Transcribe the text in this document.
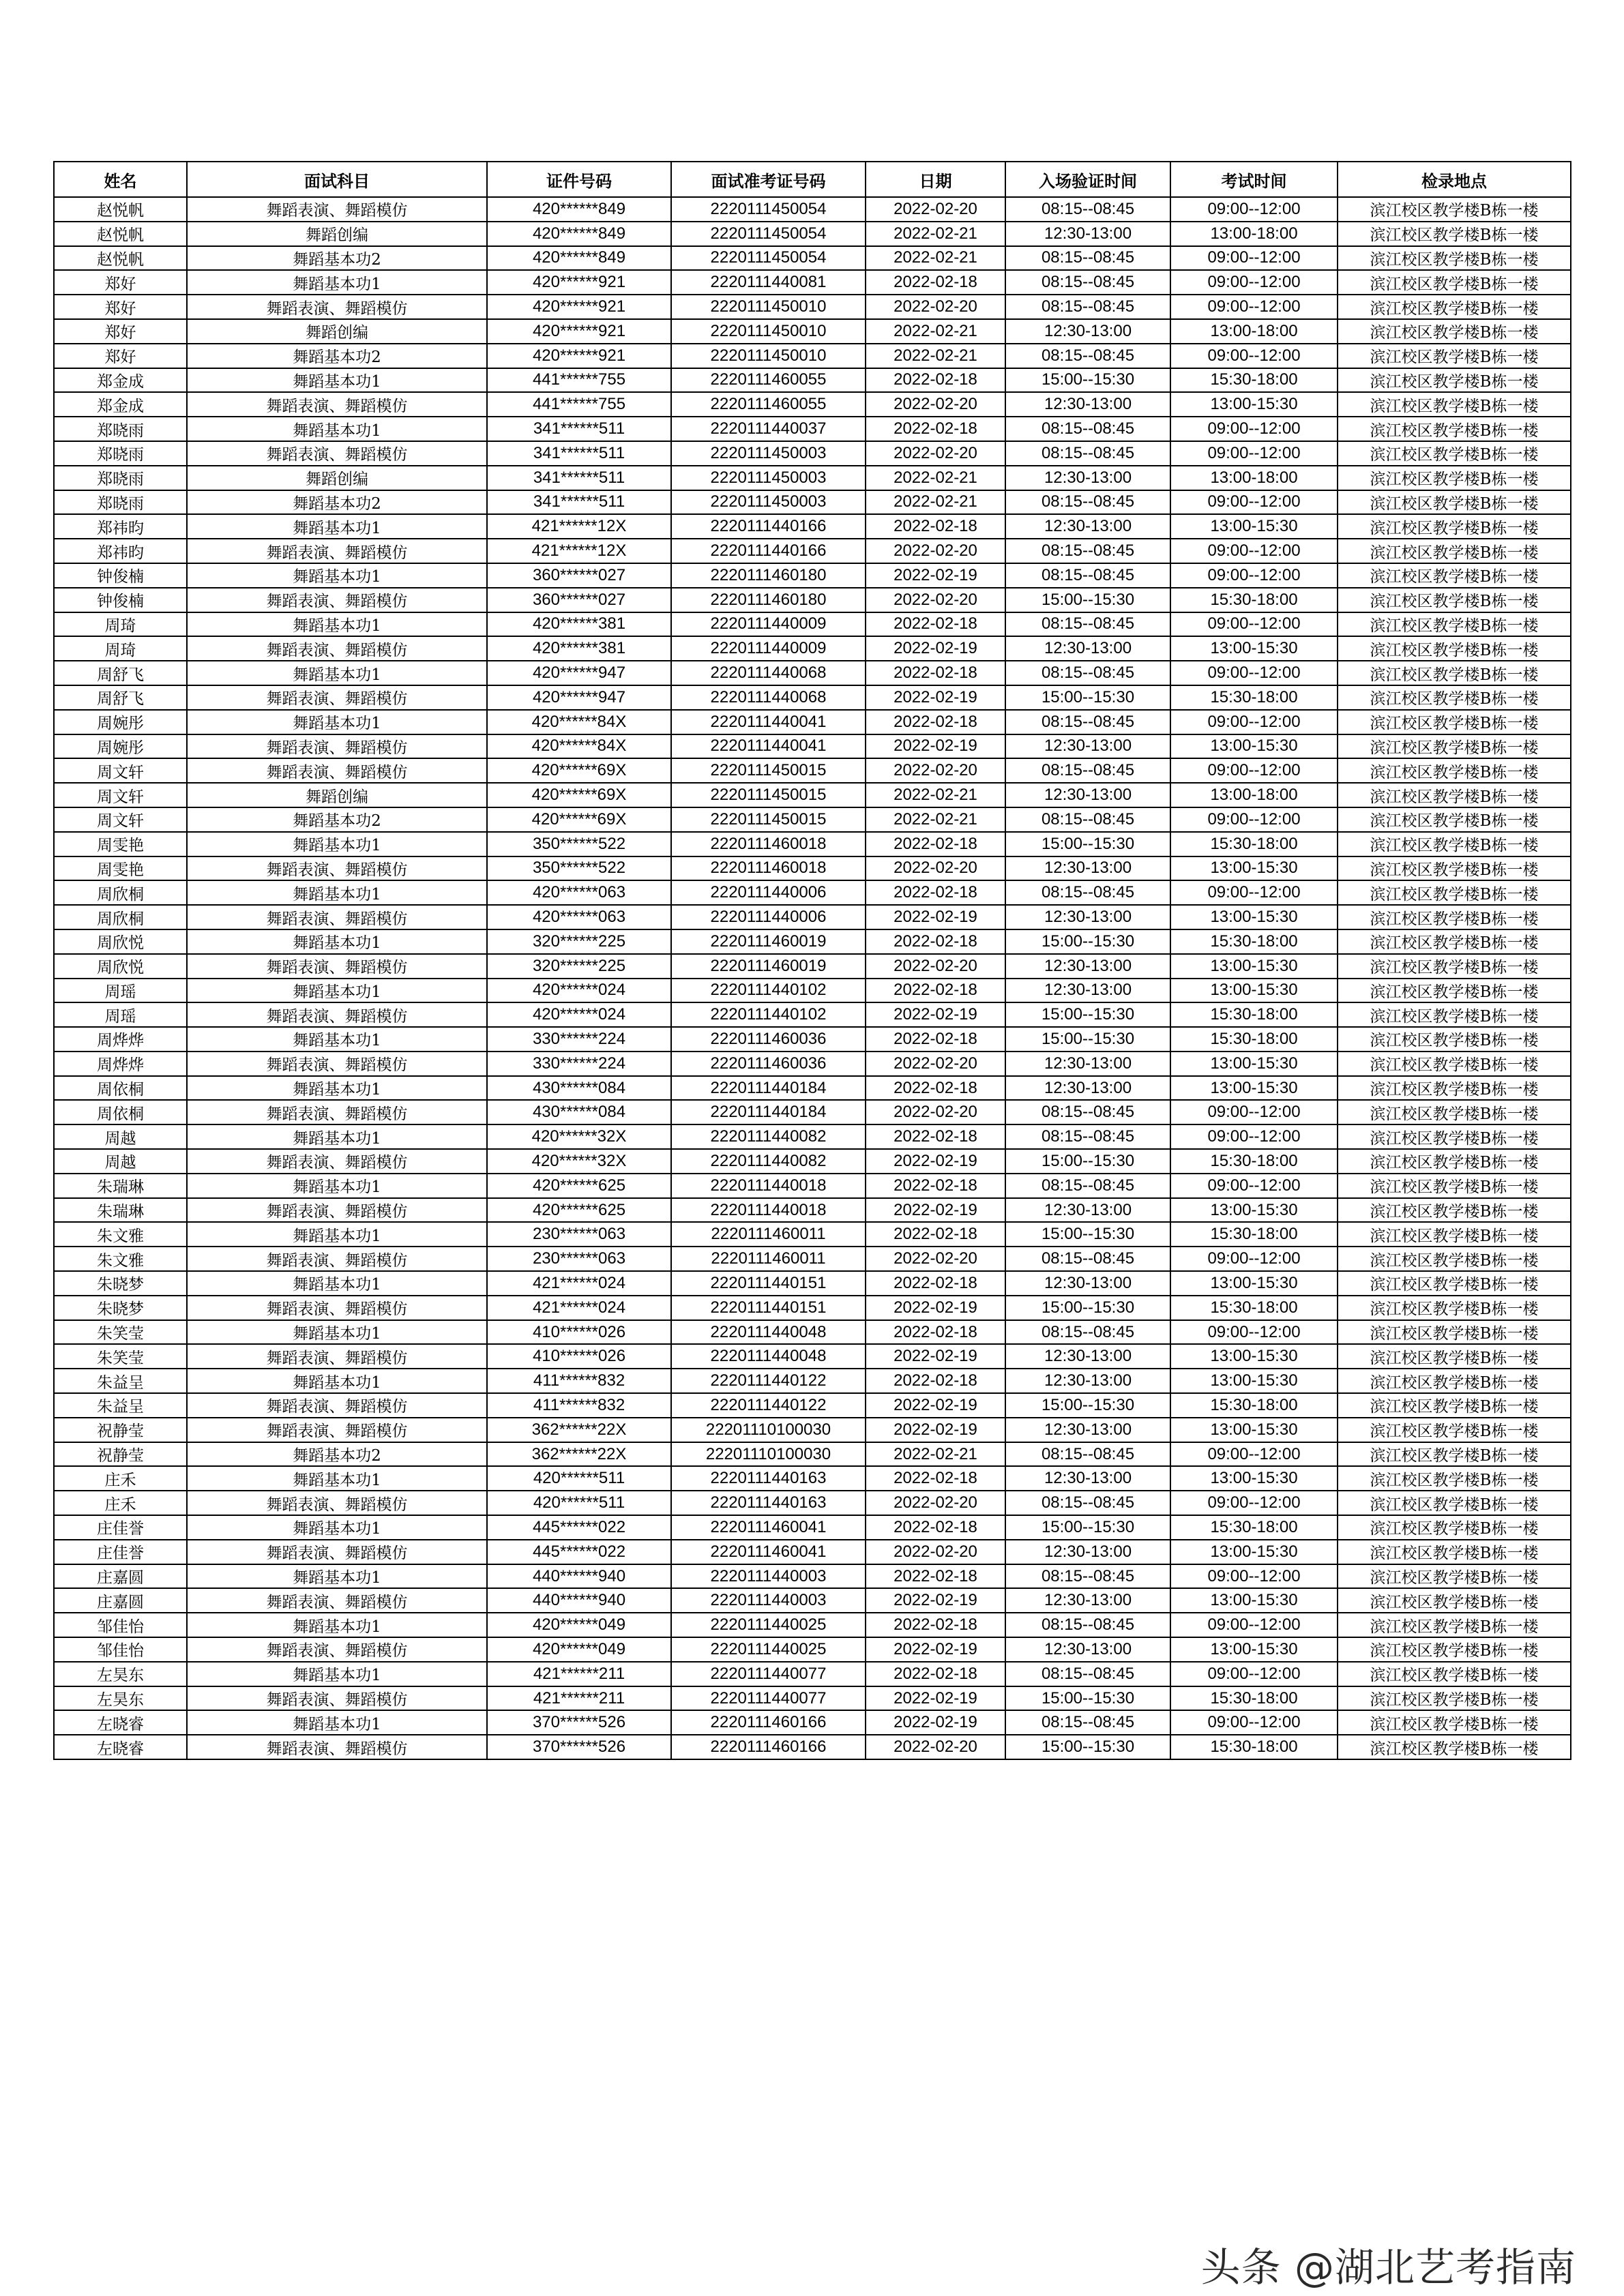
姓名	面试科目	证件号码	面试准考证号码	日期	入场验证时间	考试时间	检录地点
赵悦帆	舞蹈表演、舞蹈模仿	420******849	2220111450054	2022-02-20	08:15--08:45	09:00--12:00	滨江校区教学楼B栋一楼
赵悦帆	舞蹈创编	420******849	2220111450054	2022-02-21	12:30-13:00	13:00-18:00	滨江校区教学楼B栋一楼
赵悦帆	舞蹈基本功2	420******849	2220111450054	2022-02-21	08:15--08:45	09:00--12:00	滨江校区教学楼B栋一楼
郑好	舞蹈基本功1	420******921	2220111440081	2022-02-18	08:15--08:45	09:00--12:00	滨江校区教学楼B栋一楼
郑好	舞蹈表演、舞蹈模仿	420******921	2220111450010	2022-02-20	08:15--08:45	09:00--12:00	滨江校区教学楼B栋一楼
郑好	舞蹈创编	420******921	2220111450010	2022-02-21	12:30-13:00	13:00-18:00	滨江校区教学楼B栋一楼
郑好	舞蹈基本功2	420******921	2220111450010	2022-02-21	08:15--08:45	09:00--12:00	滨江校区教学楼B栋一楼
郑金成	舞蹈基本功1	441******755	2220111460055	2022-02-18	15:00--15:30	15:30-18:00	滨江校区教学楼B栋一楼
郑金成	舞蹈表演、舞蹈模仿	441******755	2220111460055	2022-02-20	12:30-13:00	13:00-15:30	滨江校区教学楼B栋一楼
郑晓雨	舞蹈基本功1	341******511	2220111440037	2022-02-18	08:15--08:45	09:00--12:00	滨江校区教学楼B栋一楼
郑晓雨	舞蹈表演、舞蹈模仿	341******511	2220111450003	2022-02-20	08:15--08:45	09:00--12:00	滨江校区教学楼B栋一楼
郑晓雨	舞蹈创编	341******511	2220111450003	2022-02-21	12:30-13:00	13:00-18:00	滨江校区教学楼B栋一楼
郑晓雨	舞蹈基本功2	341******511	2220111450003	2022-02-21	08:15--08:45	09:00--12:00	滨江校区教学楼B栋一楼
郑祎昀	舞蹈基本功1	421******12X	2220111440166	2022-02-18	12:30-13:00	13:00-15:30	滨江校区教学楼B栋一楼
郑祎昀	舞蹈表演、舞蹈模仿	421******12X	2220111440166	2022-02-20	08:15--08:45	09:00--12:00	滨江校区教学楼B栋一楼
钟俊楠	舞蹈基本功1	360******027	2220111460180	2022-02-19	08:15--08:45	09:00--12:00	滨江校区教学楼B栋一楼
钟俊楠	舞蹈表演、舞蹈模仿	360******027	2220111460180	2022-02-20	15:00--15:30	15:30-18:00	滨江校区教学楼B栋一楼
周琦	舞蹈基本功1	420******381	2220111440009	2022-02-18	08:15--08:45	09:00--12:00	滨江校区教学楼B栋一楼
周琦	舞蹈表演、舞蹈模仿	420******381	2220111440009	2022-02-19	12:30-13:00	13:00-15:30	滨江校区教学楼B栋一楼
周舒飞	舞蹈基本功1	420******947	2220111440068	2022-02-18	08:15--08:45	09:00--12:00	滨江校区教学楼B栋一楼
周舒飞	舞蹈表演、舞蹈模仿	420******947	2220111440068	2022-02-19	15:00--15:30	15:30-18:00	滨江校区教学楼B栋一楼
周婉彤	舞蹈基本功1	420******84X	2220111440041	2022-02-18	08:15--08:45	09:00--12:00	滨江校区教学楼B栋一楼
周婉彤	舞蹈表演、舞蹈模仿	420******84X	2220111440041	2022-02-19	12:30-13:00	13:00-15:30	滨江校区教学楼B栋一楼
周文轩	舞蹈表演、舞蹈模仿	420******69X	2220111450015	2022-02-20	08:15--08:45	09:00--12:00	滨江校区教学楼B栋一楼
周文轩	舞蹈创编	420******69X	2220111450015	2022-02-21	12:30-13:00	13:00-18:00	滨江校区教学楼B栋一楼
周文轩	舞蹈基本功2	420******69X	2220111450015	2022-02-21	08:15--08:45	09:00--12:00	滨江校区教学楼B栋一楼
周雯艳	舞蹈基本功1	350******522	2220111460018	2022-02-18	15:00--15:30	15:30-18:00	滨江校区教学楼B栋一楼
周雯艳	舞蹈表演、舞蹈模仿	350******522	2220111460018	2022-02-20	12:30-13:00	13:00-15:30	滨江校区教学楼B栋一楼
周欣桐	舞蹈基本功1	420******063	2220111440006	2022-02-18	08:15--08:45	09:00--12:00	滨江校区教学楼B栋一楼
周欣桐	舞蹈表演、舞蹈模仿	420******063	2220111440006	2022-02-19	12:30-13:00	13:00-15:30	滨江校区教学楼B栋一楼
周欣悦	舞蹈基本功1	320******225	2220111460019	2022-02-18	15:00--15:30	15:30-18:00	滨江校区教学楼B栋一楼
周欣悦	舞蹈表演、舞蹈模仿	320******225	2220111460019	2022-02-20	12:30-13:00	13:00-15:30	滨江校区教学楼B栋一楼
周瑶	舞蹈基本功1	420******024	2220111440102	2022-02-18	12:30-13:00	13:00-15:30	滨江校区教学楼B栋一楼
周瑶	舞蹈表演、舞蹈模仿	420******024	2220111440102	2022-02-19	15:00--15:30	15:30-18:00	滨江校区教学楼B栋一楼
周烨烨	舞蹈基本功1	330******224	2220111460036	2022-02-18	15:00--15:30	15:30-18:00	滨江校区教学楼B栋一楼
周烨烨	舞蹈表演、舞蹈模仿	330******224	2220111460036	2022-02-20	12:30-13:00	13:00-15:30	滨江校区教学楼B栋一楼
周依桐	舞蹈基本功1	430******084	2220111440184	2022-02-18	12:30-13:00	13:00-15:30	滨江校区教学楼B栋一楼
周依桐	舞蹈表演、舞蹈模仿	430******084	2220111440184	2022-02-20	08:15--08:45	09:00--12:00	滨江校区教学楼B栋一楼
周越	舞蹈基本功1	420******32X	2220111440082	2022-02-18	08:15--08:45	09:00--12:00	滨江校区教学楼B栋一楼
周越	舞蹈表演、舞蹈模仿	420******32X	2220111440082	2022-02-19	15:00--15:30	15:30-18:00	滨江校区教学楼B栋一楼
朱瑞琳	舞蹈基本功1	420******625	2220111440018	2022-02-18	08:15--08:45	09:00--12:00	滨江校区教学楼B栋一楼
朱瑞琳	舞蹈表演、舞蹈模仿	420******625	2220111440018	2022-02-19	12:30-13:00	13:00-15:30	滨江校区教学楼B栋一楼
朱文雅	舞蹈基本功1	230******063	2220111460011	2022-02-18	15:00--15:30	15:30-18:00	滨江校区教学楼B栋一楼
朱文雅	舞蹈表演、舞蹈模仿	230******063	2220111460011	2022-02-20	08:15--08:45	09:00--12:00	滨江校区教学楼B栋一楼
朱晓梦	舞蹈基本功1	421******024	2220111440151	2022-02-18	12:30-13:00	13:00-15:30	滨江校区教学楼B栋一楼
朱晓梦	舞蹈表演、舞蹈模仿	421******024	2220111440151	2022-02-19	15:00--15:30	15:30-18:00	滨江校区教学楼B栋一楼
朱笑莹	舞蹈基本功1	410******026	2220111440048	2022-02-18	08:15--08:45	09:00--12:00	滨江校区教学楼B栋一楼
朱笑莹	舞蹈表演、舞蹈模仿	410******026	2220111440048	2022-02-19	12:30-13:00	13:00-15:30	滨江校区教学楼B栋一楼
朱益呈	舞蹈基本功1	411******832	2220111440122	2022-02-18	12:30-13:00	13:00-15:30	滨江校区教学楼B栋一楼
朱益呈	舞蹈表演、舞蹈模仿	411******832	2220111440122	2022-02-19	15:00--15:30	15:30-18:00	滨江校区教学楼B栋一楼
祝静莹	舞蹈表演、舞蹈模仿	362******22X	22201110100030	2022-02-19	12:30-13:00	13:00-15:30	滨江校区教学楼B栋一楼
祝静莹	舞蹈基本功2	362******22X	22201110100030	2022-02-21	08:15--08:45	09:00--12:00	滨江校区教学楼B栋一楼
庄禾	舞蹈基本功1	420******511	2220111440163	2022-02-18	12:30-13:00	13:00-15:30	滨江校区教学楼B栋一楼
庄禾	舞蹈表演、舞蹈模仿	420******511	2220111440163	2022-02-20	08:15--08:45	09:00--12:00	滨江校区教学楼B栋一楼
庄佳誉	舞蹈基本功1	445******022	2220111460041	2022-02-18	15:00--15:30	15:30-18:00	滨江校区教学楼B栋一楼
庄佳誉	舞蹈表演、舞蹈模仿	445******022	2220111460041	2022-02-20	12:30-13:00	13:00-15:30	滨江校区教学楼B栋一楼
庄嘉圆	舞蹈基本功1	440******940	2220111440003	2022-02-18	08:15--08:45	09:00--12:00	滨江校区教学楼B栋一楼
庄嘉圆	舞蹈表演、舞蹈模仿	440******940	2220111440003	2022-02-19	12:30-13:00	13:00-15:30	滨江校区教学楼B栋一楼
邹佳怡	舞蹈基本功1	420******049	2220111440025	2022-02-18	08:15--08:45	09:00--12:00	滨江校区教学楼B栋一楼
邹佳怡	舞蹈表演、舞蹈模仿	420******049	2220111440025	2022-02-19	12:30-13:00	13:00-15:30	滨江校区教学楼B栋一楼
左昊东	舞蹈基本功1	421******211	2220111440077	2022-02-18	08:15--08:45	09:00--12:00	滨江校区教学楼B栋一楼
左昊东	舞蹈表演、舞蹈模仿	421******211	2220111440077	2022-02-19	15:00--15:30	15:30-18:00	滨江校区教学楼B栋一楼
左晓睿	舞蹈基本功1	370******526	2220111460166	2022-02-19	08:15--08:45	09:00--12:00	滨江校区教学楼B栋一楼
左晓睿	舞蹈表演、舞蹈模仿	370******526	2220111460166	2022-02-20	15:00--15:30	15:30-18:00	滨江校区教学楼B栋一楼
头条 @湖北艺考指南
